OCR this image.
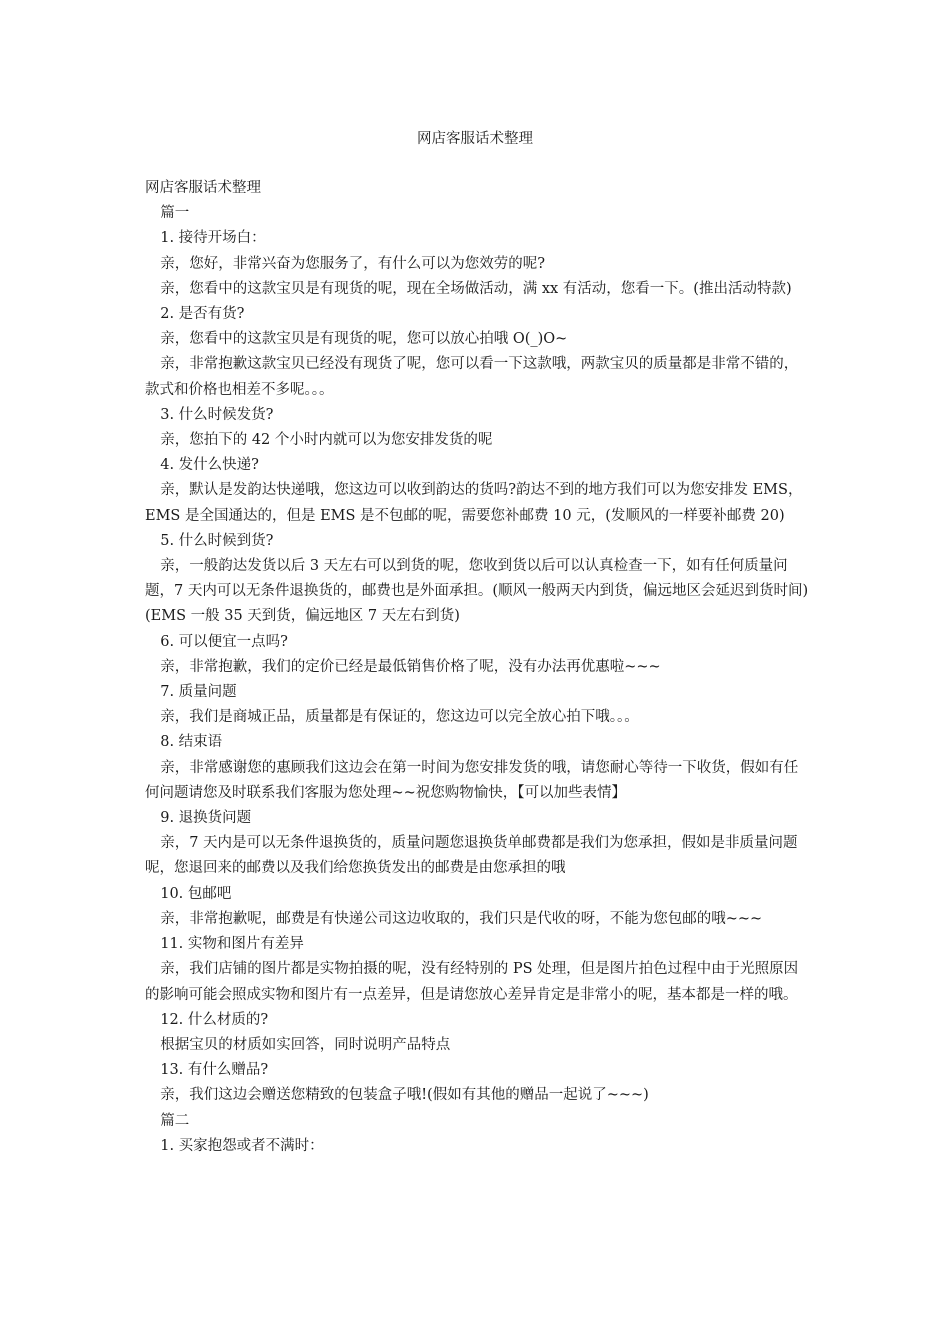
网店客服话术整理

网店客服话术整理

篇一

1. 接待开场白：

亲，您好，非常兴奋为您服务了，有什么可以为您效劳的呢?

亲，您看中的这款宝贝是有现货的呢，现在全场做活动，满 xx 有活动，您看一下。(推出活动特款)

2. 是否有货?

亲，您看中的这款宝贝是有现货的呢，您可以放心拍哦 O(_)O~

亲，非常抱歉这款宝贝已经没有现货了呢，您可以看一下这款哦，两款宝贝的质量都是非常不错的，款式和价格也相差不多呢。。。

3. 什么时候发货?

亲，您拍下的 42 个小时内就可以为您安排发货的呢

4. 发什么快递?

亲，默认是发韵达快递哦，您这边可以收到韵达的货吗?韵达不到的地方我们可以为您安排发 EMS，EMS 是全国通达的，但是 EMS 是不包邮的呢，需要您补邮费 10 元，(发顺风的一样要补邮费 20)

5. 什么时候到货?

亲，一般韵达发货以后 3 天左右可以到货的呢，您收到货以后可以认真检查一下，如有任何质量问题，7 天内可以无条件退换货的，邮费也是外面承担。(顺风一般两天内到货，偏远地区会延迟到货时间)(EMS 一般 35 天到货，偏远地区 7 天左右到货)

6. 可以便宜一点吗?

亲，非常抱歉，我们的定价已经是最低销售价格了呢，没有办法再优惠啦~~~

7. 质量问题

亲，我们是商城正品，质量都是有保证的，您这边可以完全放心拍下哦。。。

8. 结束语

亲，非常感谢您的惠顾我们这边会在第一时间为您安排发货的哦，请您耐心等待一下收货，假如有任何问题请您及时联系我们客服为您处理~~祝您购物愉快，【可以加些表情】

9. 退换货问题

亲，7 天内是可以无条件退换货的，质量问题您退换货单邮费都是我们为您承担，假如是非质量问题呢，您退回来的邮费以及我们给您换货发出的邮费是由您承担的哦

10. 包邮吧

亲，非常抱歉呢，邮费是有快递公司这边收取的，我们只是代收的呀，不能为您包邮的哦~~~

11. 实物和图片有差异

亲，我们店铺的图片都是实物拍摄的呢，没有经特别的 PS 处理，但是图片拍色过程中由于光照原因的影响可能会照成实物和图片有一点差异，但是请您放心差异肯定是非常小的呢，基本都是一样的哦。

12. 什么材质的?

根据宝贝的材质如实回答，同时说明产品特点

13. 有什么赠品?

亲，我们这边会赠送您精致的包装盒子哦!(假如有其他的赠品一起说了~~~)

篇二

1. 买家抱怨或者不满时：
